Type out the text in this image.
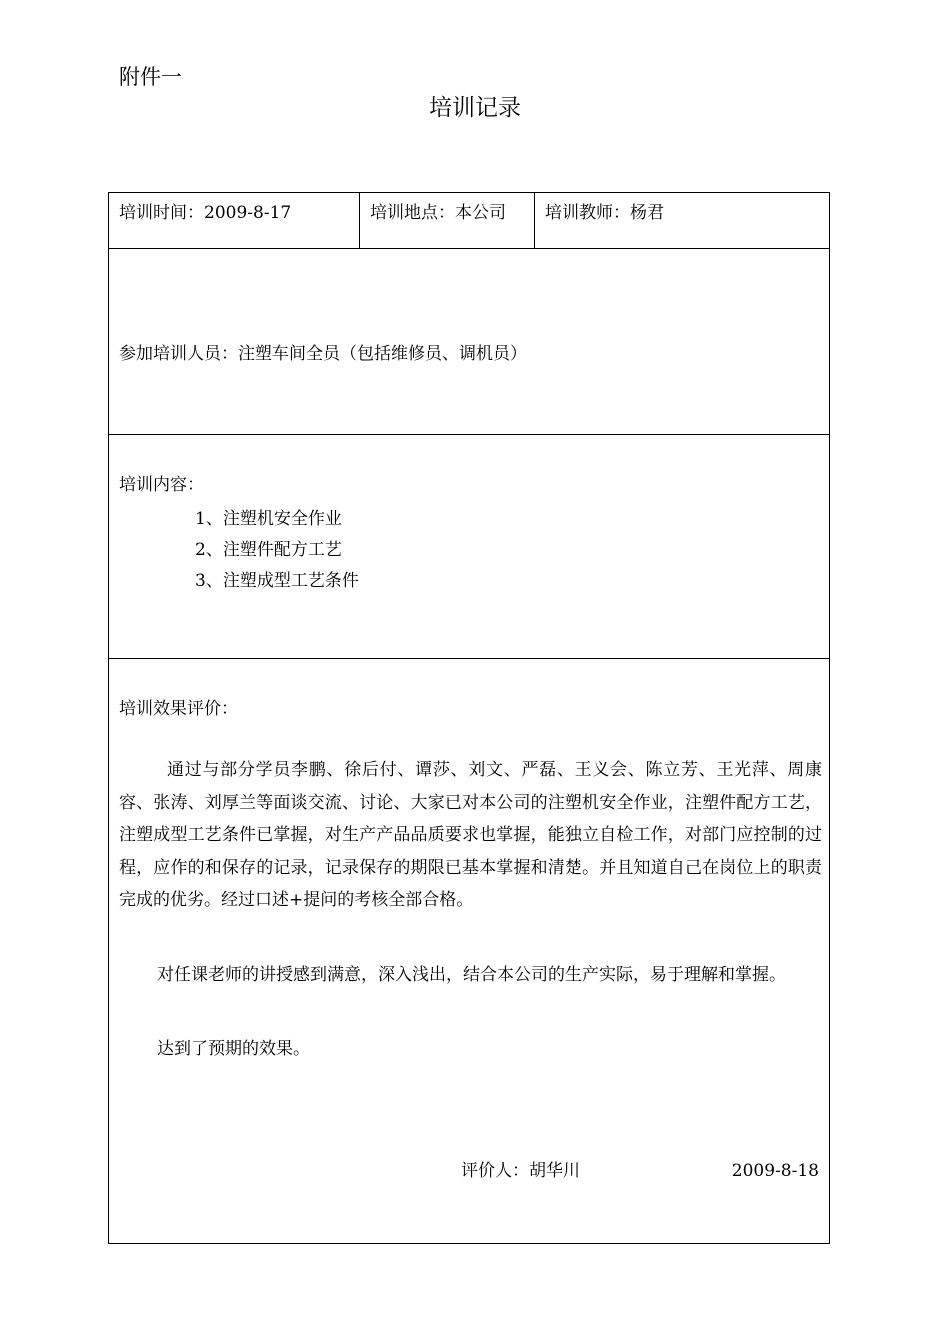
附件一
培训记录
培训时间：2009-8-17	培训地点：本公司 培训教师：杨君
参加培训人员：注塑车间全员（包括维修员、调机员）
培训内容：
1、注塑机安全作业
2、注塑件配方工艺
3、注塑成型工艺条件
培训效果评价：

通过与部分学员李鹏、徐后付、谭莎、刘文、严磊、王义会、陈立芳、王光萍、周康容、张涛、刘厚兰等面谈交流、讨论、大家已对本公司的注塑机安全作业，注塑件配方工艺，注塑成型工艺条件已掌握，对生产产品品质要求也掌握，能独立自检工作，对部门应控制的过程，应作的和保存的记录，记录保存的期限已基本掌握和清楚。并且知道自己在岗位上的职责完成的优劣。经过口述+提问的考核全部合格。

对任课老师的讲授感到满意，深入浅出，结合本公司的生产实际，易于理解和掌握。

达到了预期的效果。
评价人：胡华川	2009-8-18
